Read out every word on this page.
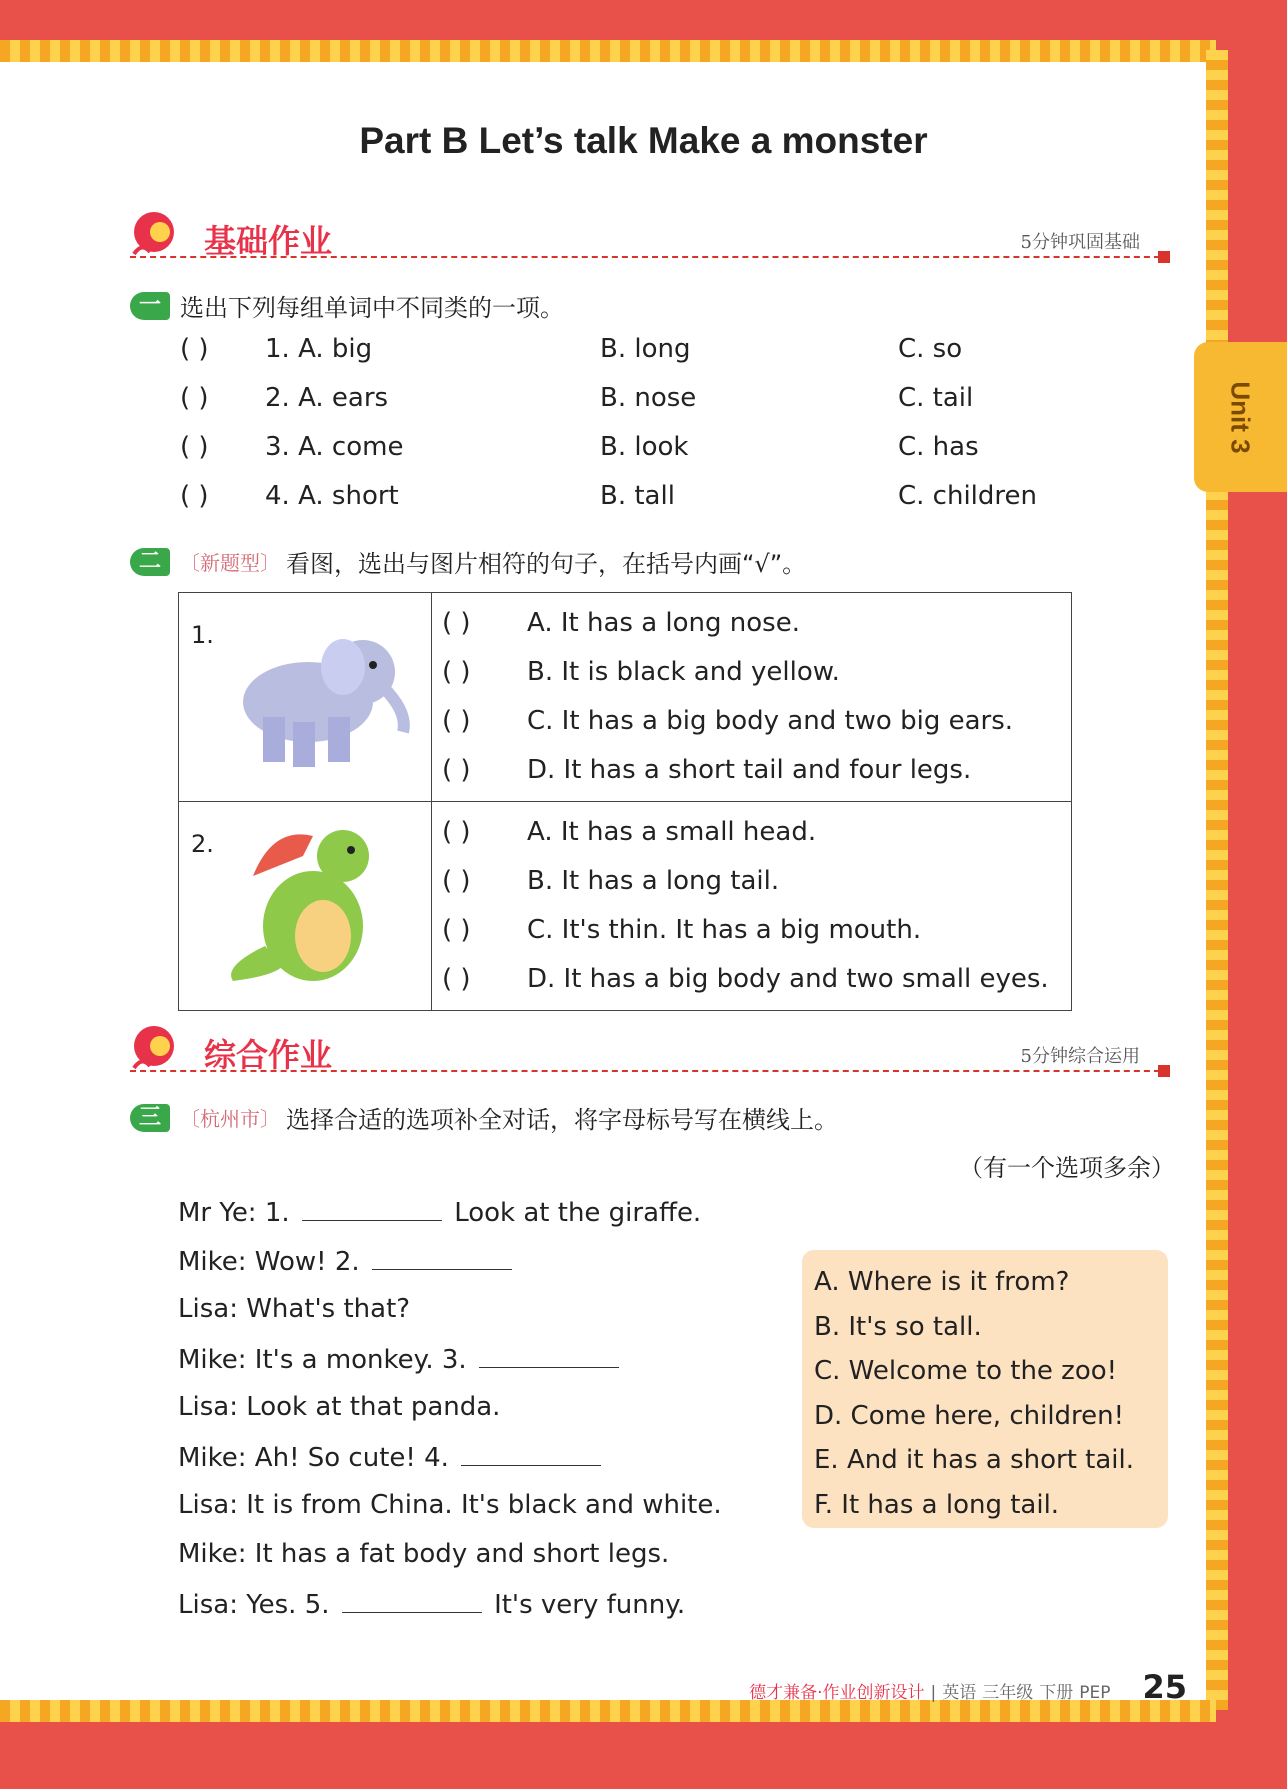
Unit 3
Part B Let’s talk Make a monster
基础作业	5分钟巩固基础
一 选出下列每组单词中不同类的一项。
( ) 1. A. big	B. long	C. so
( ) 2. A. ears	B. nose	C. tail
( ) 3. A. come	B. look	C. has
( ) 4. A. short	B. tall	C. children
二 〔新题型〕 看图，选出与图片相符的句子，在括号内画“√”。
1.	( ) A. It has a long nose.
( ) B. It is black and yellow.
( ) C. It has a big body and two big ears.
( ) D. It has a short tail and four legs.

2.	( ) A. It has a small head.
( ) B. It has a long tail.
( ) C. It's thin. It has a big mouth.
( ) D. It has a big body and two small eyes.
综合作业	5分钟综合运用
三 〔杭州市〕 选择合适的选项补全对话，将字母标号写在横线上。
（有一个选项多余）
Mr Ye: 1.	Look at the giraffe.
Mike: Wow! 2.
Lisa: What's that?
Mike: It's a monkey. 3.
Lisa: Look at that panda.
Mike: Ah! So cute! 4.
Lisa: It is from China. It's black and white.
Mike: It has a fat body and short legs.
Lisa: Yes. 5.	It's very funny.
A. Where is it from?
B. It's so tall.
C. Welcome to the zoo!
D. Come here, children!
E. And it has a short tail.
F. It has a long tail.
德才兼备·作业创新设计 | 英语 三年级 下册 PEP 25
